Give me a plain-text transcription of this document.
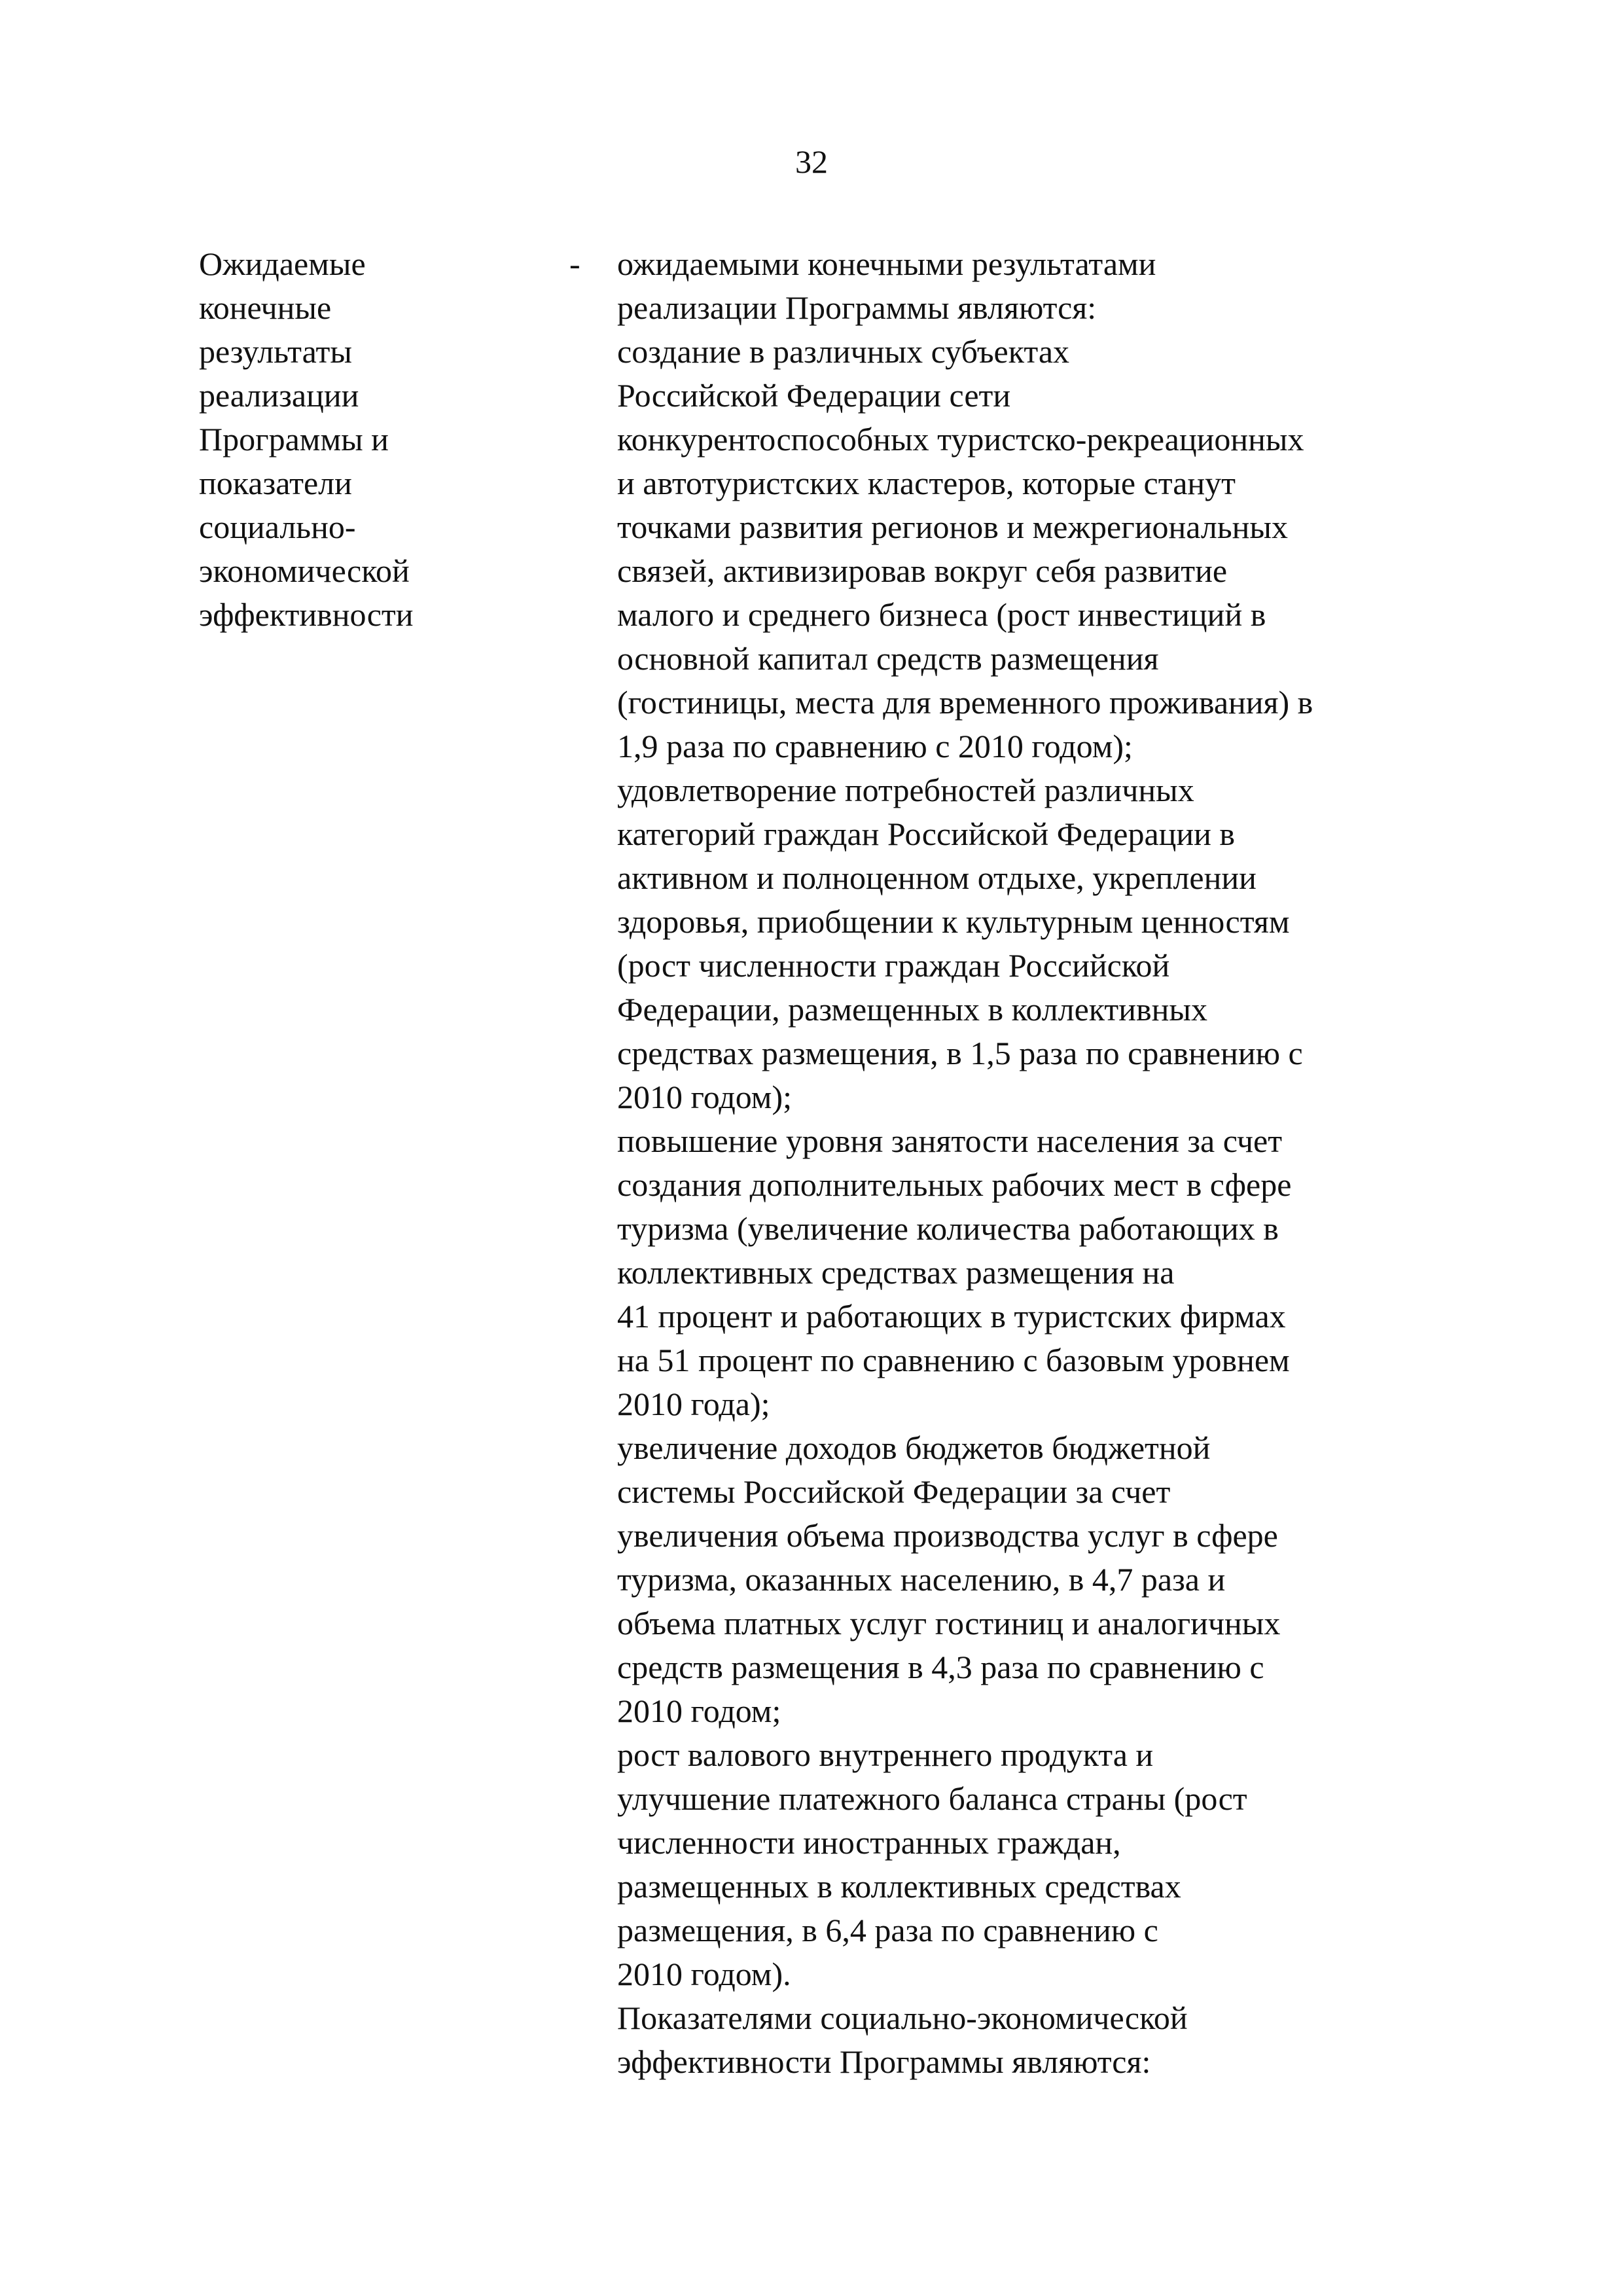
32
Ожидаемые
конечные
результаты
реализации
Программы и
показатели
социально-
экономической
эффективности
-	ожидаемыми конечными результатами
реализации Программы являются:
создание в различных субъектах
Российской Федерации сети
конкурентоспособных туристско-рекреационных
и автотуристских кластеров, которые станут
точками развития регионов и межрегиональных
связей, активизировав вокруг себя развитие
малого и среднего бизнеса (рост инвестиций в
основной капитал средств размещения
(гостиницы, места для временного проживания) в
1,9 раза по сравнению с 2010 годом);
удовлетворение потребностей различных
категорий граждан Российской Федерации в
активном и полноценном отдыхе, укреплении
здоровья, приобщении к культурным ценностям
(рост численности граждан Российской
Федерации, размещенных в коллективных
средствах размещения, в 1,5 раза по сравнению с
2010 годом);
повышение уровня занятости населения за счет
создания дополнительных рабочих мест в сфере
туризма (увеличение количества работающих в
коллективных средствах размещения на
41 процент и работающих в туристских фирмах
на 51 процент по сравнению с базовым уровнем
2010 года);
увеличение доходов бюджетов бюджетной
системы Российской Федерации за счет
увеличения объема производства услуг в сфере
туризма, оказанных населению, в 4,7 раза и
объема платных услуг гостиниц и аналогичных
средств размещения в 4,3 раза по сравнению с
2010 годом;
рост валового внутреннего продукта и
улучшение платежного баланса страны (рост
численности иностранных граждан,
размещенных в коллективных средствах
размещения, в 6,4 раза по сравнению с
2010 годом).
Показателями социально-экономической
эффективности Программы являются:
